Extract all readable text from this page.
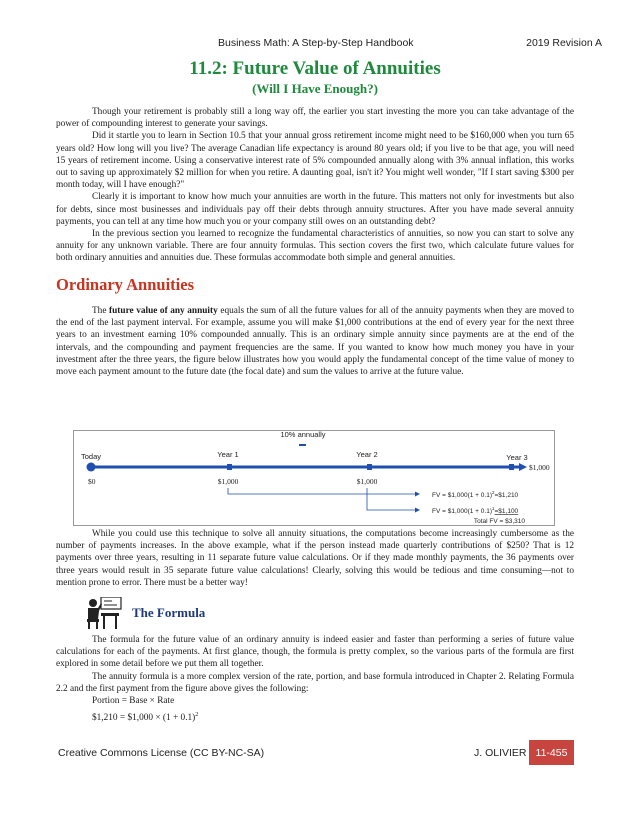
Business Math: A Step-by-Step Handbook	2019 Revision A
11.2: Future Value of Annuities
(Will I Have Enough?)

Though your retirement is probably still a long way off, the earlier you start investing the more you can take advantage of the power of compounding interest to generate your savings.

Did it startle you to learn in Section 10.5 that your annual gross retirement income might need to be $160,000 when you turn 65 years old? How long will you live? The average Canadian life expectancy is around 80 years old; if you live to be that age, you will need 15 years of retirement income. Using a conservative interest rate of 5% compounded annually along with 3% annual inflation, this works out to saving up approximately $2 million for when you retire. A daunting goal, isn't it? You might well wonder, "If I start saving $300 per month today, will I have enough?"

Clearly it is important to know how much your annuities are worth in the future. This matters not only for investments but also for debts, since most businesses and individuals pay off their debts through annuity structures. After you have made several annuity payments, you can tell at any time how much you or your company still owes on an outstanding debt?

In the previous section you learned to recognize the fundamental characteristics of annuities, so now you can start to solve any annuity for any unknown variable. There are four annuity formulas. This section covers the first two, which calculate future values for both ordinary annuities and annuities due. These formulas accommodate both simple and general annuities.

Ordinary Annuities

The future value of any annuity equals the sum of all the future values for all of the annuity payments when they are moved to the end of the last payment interval. For example, assume you will make $1,000 contributions at the end of every year for the next three years to an investment earning 10% compounded annually. This is an ordinary simple annuity since payments are at the end of the intervals, and the compounding and payment frequencies are the same. If you wanted to know how much money you have in your investment after the three years, the figure below illustrates how you would apply the fundamental concept of the time value of money to move each payment amount to the future date (the focal date) and sum the values to arrive at the future value.

10% annually
Today	Year 1	Year 2	Year 3
$1,000
$0	$1,000	$1,000
FV = $1,000(1 + 0.1)$^2$=$1,210
FV = $1,000(1 + 0.1)$^1$=$1,100
Total FV = $3,310

While you could use this technique to solve all annuity situations, the computations become increasingly cumbersome as the number of payments increases. In the above example, what if the person instead made quarterly contributions of $250? That is 12 payments over three years, resulting in 11 separate future value calculations. Or if they made monthly payments, the 36 payments over three years would result in 35 separate future value calculations! Clearly, solving this would be tedious and time consuming—not to mention prone to error. There must be a better way!

The Formula

The formula for the future value of an ordinary annuity is indeed easier and faster than performing a series of future value calculations for each of the payments. At first glance, though, the formula is pretty complex, so the various parts of the formula are first explored in some detail before we put them all together.

The annuity formula is a more complex version of the rate, portion, and base formula introduced in Chapter 2. Relating Formula 2.2 and the first payment from the figure above gives the following:

Portion = Base × Rate
$1,210 = $1,000 × $(1 + 0.1)^2$
Creative Commons License (CC BY-NC-SA)	J. OLIVIER 11-455
